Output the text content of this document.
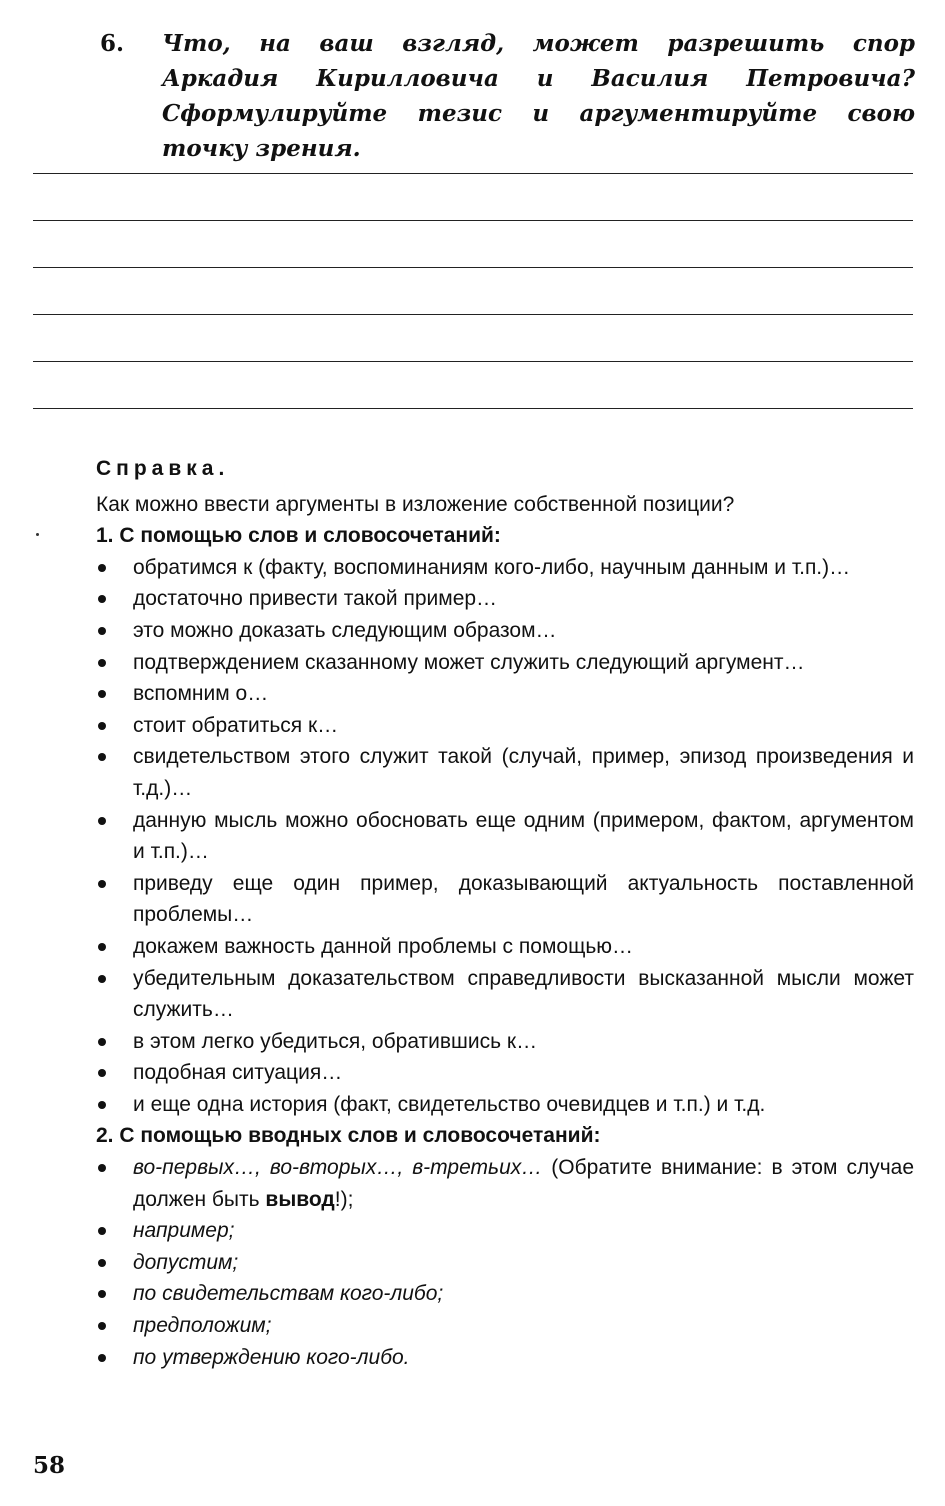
6.	Что, на ваш взгляд, может разрешить спор Аркадия Кирилловича и Василия Петровича? Сформулируйте тезис и аргументируйте свою точку зрения.
Справка.

Как можно ввести аргументы в изложение собственной позиции?

1. С помощью слов и словосочетаний:

обратимся к (факту, воспоминаниям кого-либо, научным данным и т.п.)…
достаточно привести такой пример…
это можно доказать следующим образом…
подтверждением сказанному может служить следующий аргумент…
вспомним о…
стоит обратиться к…
свидетельством этого служит такой (случай, пример, эпизод произведения и т.д.)…
данную мысль можно обосновать еще одним (примером, фактом, аргументом и т.п.)…
приведу еще один пример, доказывающий актуальность поставленной проблемы…
докажем важность данной проблемы с помощью…
убедительным доказательством справедливости высказанной мысли может служить…
в этом легко убедиться, обратившись к…
подобная ситуация…
и еще одна история (факт, свидетельство очевидцев и т.п.) и т.д.

2. С помощью вводных слов и словосочетаний:

во-первых…, во-вторых…, в-третьих… (Обратите внимание: в этом случае должен быть вывод!);
например;
допустим;
по свидетельствам кого-либо;
предположим;
по утверждению кого-либо.
58
